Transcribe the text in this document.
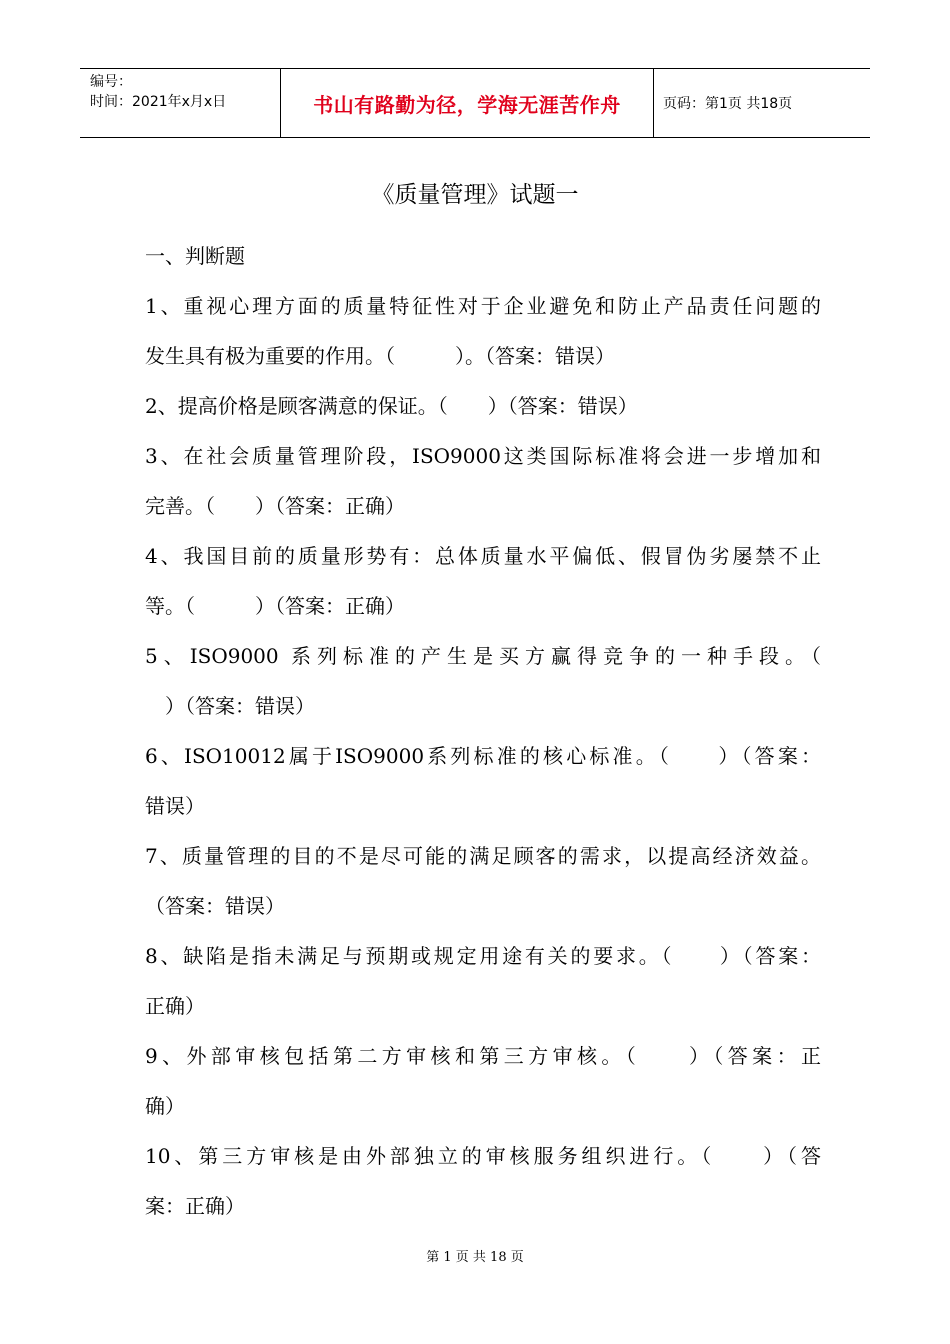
编号：
时间：2021年x月x日	书山有路勤为径，学海无涯苦作舟	页码：第1页 共18页
《质量管理》试题一
一、判断题
1、重视心理方面的质量特征性对于企业避免和防止产品责任问题的
发生具有极为重要的作用。（　　　）。（答案：错误）
2、提高价格是顾客满意的保证。（　　）（答案：错误）
3、在社会质量管理阶段，ISO9000这类国际标准将会进一步增加和
完善。（　　）（答案：正确）
4、我国目前的质量形势有：总体质量水平偏低、假冒伪劣屡禁不止
等。（　　　）（答案：正确）
5、ISO9000 系列标准的产生是买方赢得竞争的一种手段。（
　）（答案：错误）
6、ISO10012属于ISO9000系列标准的核心标准。（　　）（答案：
错误）
7、质量管理的目的不是尽可能的满足顾客的需求，以提高经济效益。
（答案：错误）
8、缺陷是指未满足与预期或规定用途有关的要求。（　　）（答案：
正确）
9、外部审核包括第二方审核和第三方审核。（　　）（答案：正
确）
10、第三方审核是由外部独立的审核服务组织进行。（　　）（答
案：正确）
第 1 页 共 18 页
